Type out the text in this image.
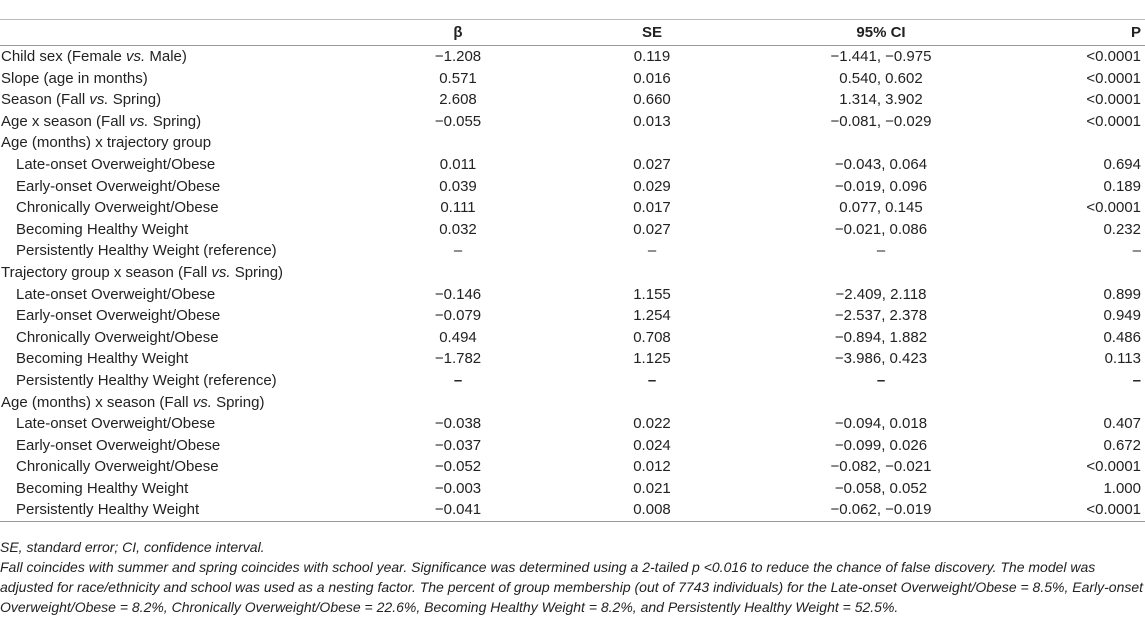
	β	SE	95% CI	P
Child sex (Female vs. Male)	−1.208	0.119	−1.441, −0.975	<0.0001
Slope (age in months)	0.571	0.016	0.540, 0.602	<0.0001
Season (Fall vs. Spring)	2.608	0.660	1.314, 3.902	<0.0001
Age x season (Fall vs. Spring)	−0.055	0.013	−0.081, −0.029	<0.0001
Age (months) x trajectory group				
Late-onset Overweight/Obese	0.011	0.027	−0.043, 0.064	0.694
Early-onset Overweight/Obese	0.039	0.029	−0.019, 0.096	0.189
Chronically Overweight/Obese	0.111	0.017	0.077, 0.145	<0.0001
Becoming Healthy Weight	0.032	0.027	−0.021, 0.086	0.232
Persistently Healthy Weight (reference)	–	–	–	–
Trajectory group x season (Fall vs. Spring)				
Late-onset Overweight/Obese	−0.146	1.155	−2.409, 2.118	0.899
Early-onset Overweight/Obese	−0.079	1.254	−2.537, 2.378	0.949
Chronically Overweight/Obese	0.494	0.708	−0.894, 1.882	0.486
Becoming Healthy Weight	−1.782	1.125	−3.986, 0.423	0.113
Persistently Healthy Weight (reference)	–	–	–	–
Age (months) x season (Fall vs. Spring)				
Late-onset Overweight/Obese	−0.038	0.022	−0.094, 0.018	0.407
Early-onset Overweight/Obese	−0.037	0.024	−0.099, 0.026	0.672
Chronically Overweight/Obese	−0.052	0.012	−0.082, −0.021	<0.0001
Becoming Healthy Weight	−0.003	0.021	−0.058, 0.052	1.000
Persistently Healthy Weight	−0.041	0.008	−0.062, −0.019	<0.0001

SE, standard error; CI, confidence interval.

Fall coincides with summer and spring coincides with school year. Significance was determined using a 2-tailed p <0.016 to reduce the chance of false discovery. The model was adjusted for race/ethnicity and school was used as a nesting factor. The percent of group membership (out of 7743 individuals) for the Late-onset Overweight/Obese = 8.5%, Early-onset Overweight/Obese = 8.2%, Chronically Overweight/Obese = 22.6%, Becoming Healthy Weight = 8.2%, and Persistently Healthy Weight = 52.5%.
